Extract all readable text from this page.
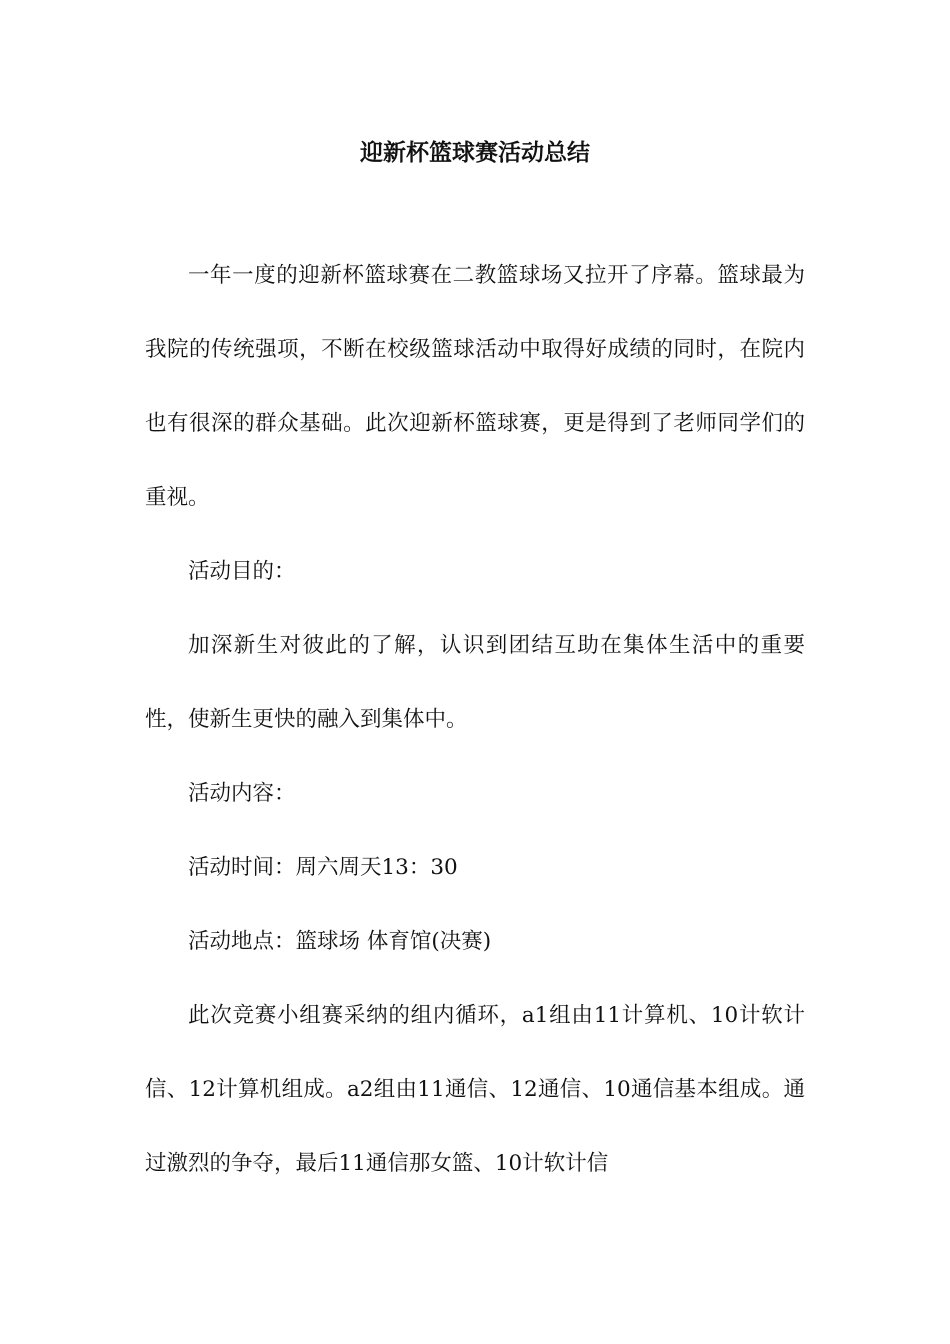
迎新杯篮球赛活动总结

一年一度的迎新杯篮球赛在二教篮球场又拉开了序幕。篮球最为我院的传统强项，不断在校级篮球活动中取得好成绩的同时，在院内也有很深的群众基础。此次迎新杯篮球赛，更是得到了老师同学们的重视。

活动目的：

加深新生对彼此的了解，认识到团结互助在集体生活中的重要性，使新生更快的融入到集体中。

活动内容：

活动时间：周六周天13：30

活动地点：篮球场 体育馆(决赛)

此次竞赛小组赛采纳的组内循环，a1组由11计算机、10计软计信、12计算机组成。a2组由11通信、12通信、10通信基本组成。通过激烈的争夺，最后11通信那女篮、10计软计信
